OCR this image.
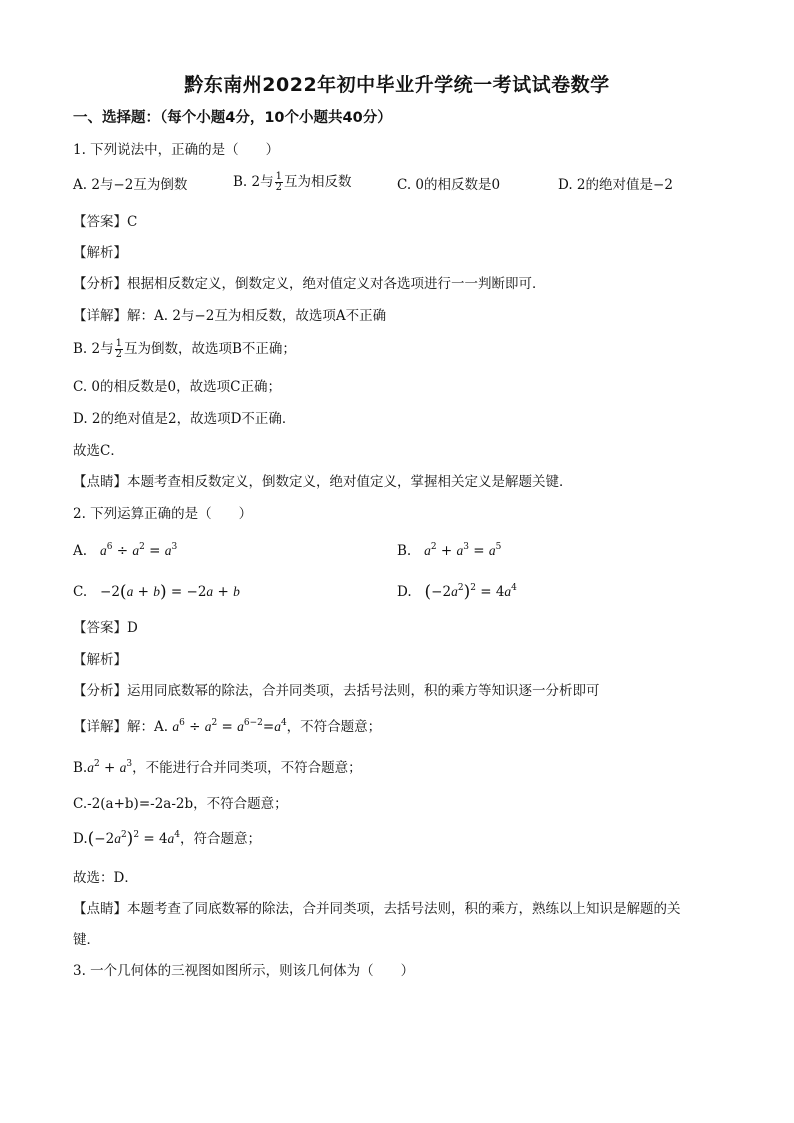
黔东南州2022年初中毕业升学统一考试试卷数学
一、选择题：（每个小题4分，10个小题共40分）
1. 下列说法中，正确的是（　　）
A. 2与−2互为倒数	B. 2与 $\frac{1}{2}$ 互为相反数	C. 0的相反数是0	D. 2的绝对值是−2
【答案】C
【解析】
【分析】根据相反数定义，倒数定义，绝对值定义对各选项进行一一判断即可．
【详解】解：A. 2与−2互为相反数，故选项A不正确
B. 2与 $\frac{1}{2}$ 互为倒数，故选项B不正确；
C. 0的相反数是0，故选项C正确；
D. 2的绝对值是2，故选项D不正确．
故选C．
【点睛】本题考查相反数定义，倒数定义，绝对值定义，掌握相关定义是解题关键．
2. 下列运算正确的是（　　）
A. $a^6 \div a^2 = a^3$	B. $a^2 + a^3 = a^5$
C.   −2(a + b) = −2a + b	D. $(-2a^2)^2 = 4a^4$
【答案】D
【解析】
【分析】运用同底数幂的除法，合并同类项，去括号法则，积的乘方等知识逐一分析即可
【详解】解：A. $a^6 \div a^2 = a^{6-2}=a^4$，不符合题意；
$B.a^2 + a^3$，不能进行合并同类项，不符合题意；
C.-2(a+b)=-2a-2b，不符合题意；
$D.(-2a^2)^2 = 4a^4$，符合题意；
故选：D．
【点睛】本题考查了同底数幂的除法，合并同类项，去括号法则，积的乘方，熟练以上知识是解题的关
键．
3. 一个几何体的三视图如图所示，则该几何体为（　　）
